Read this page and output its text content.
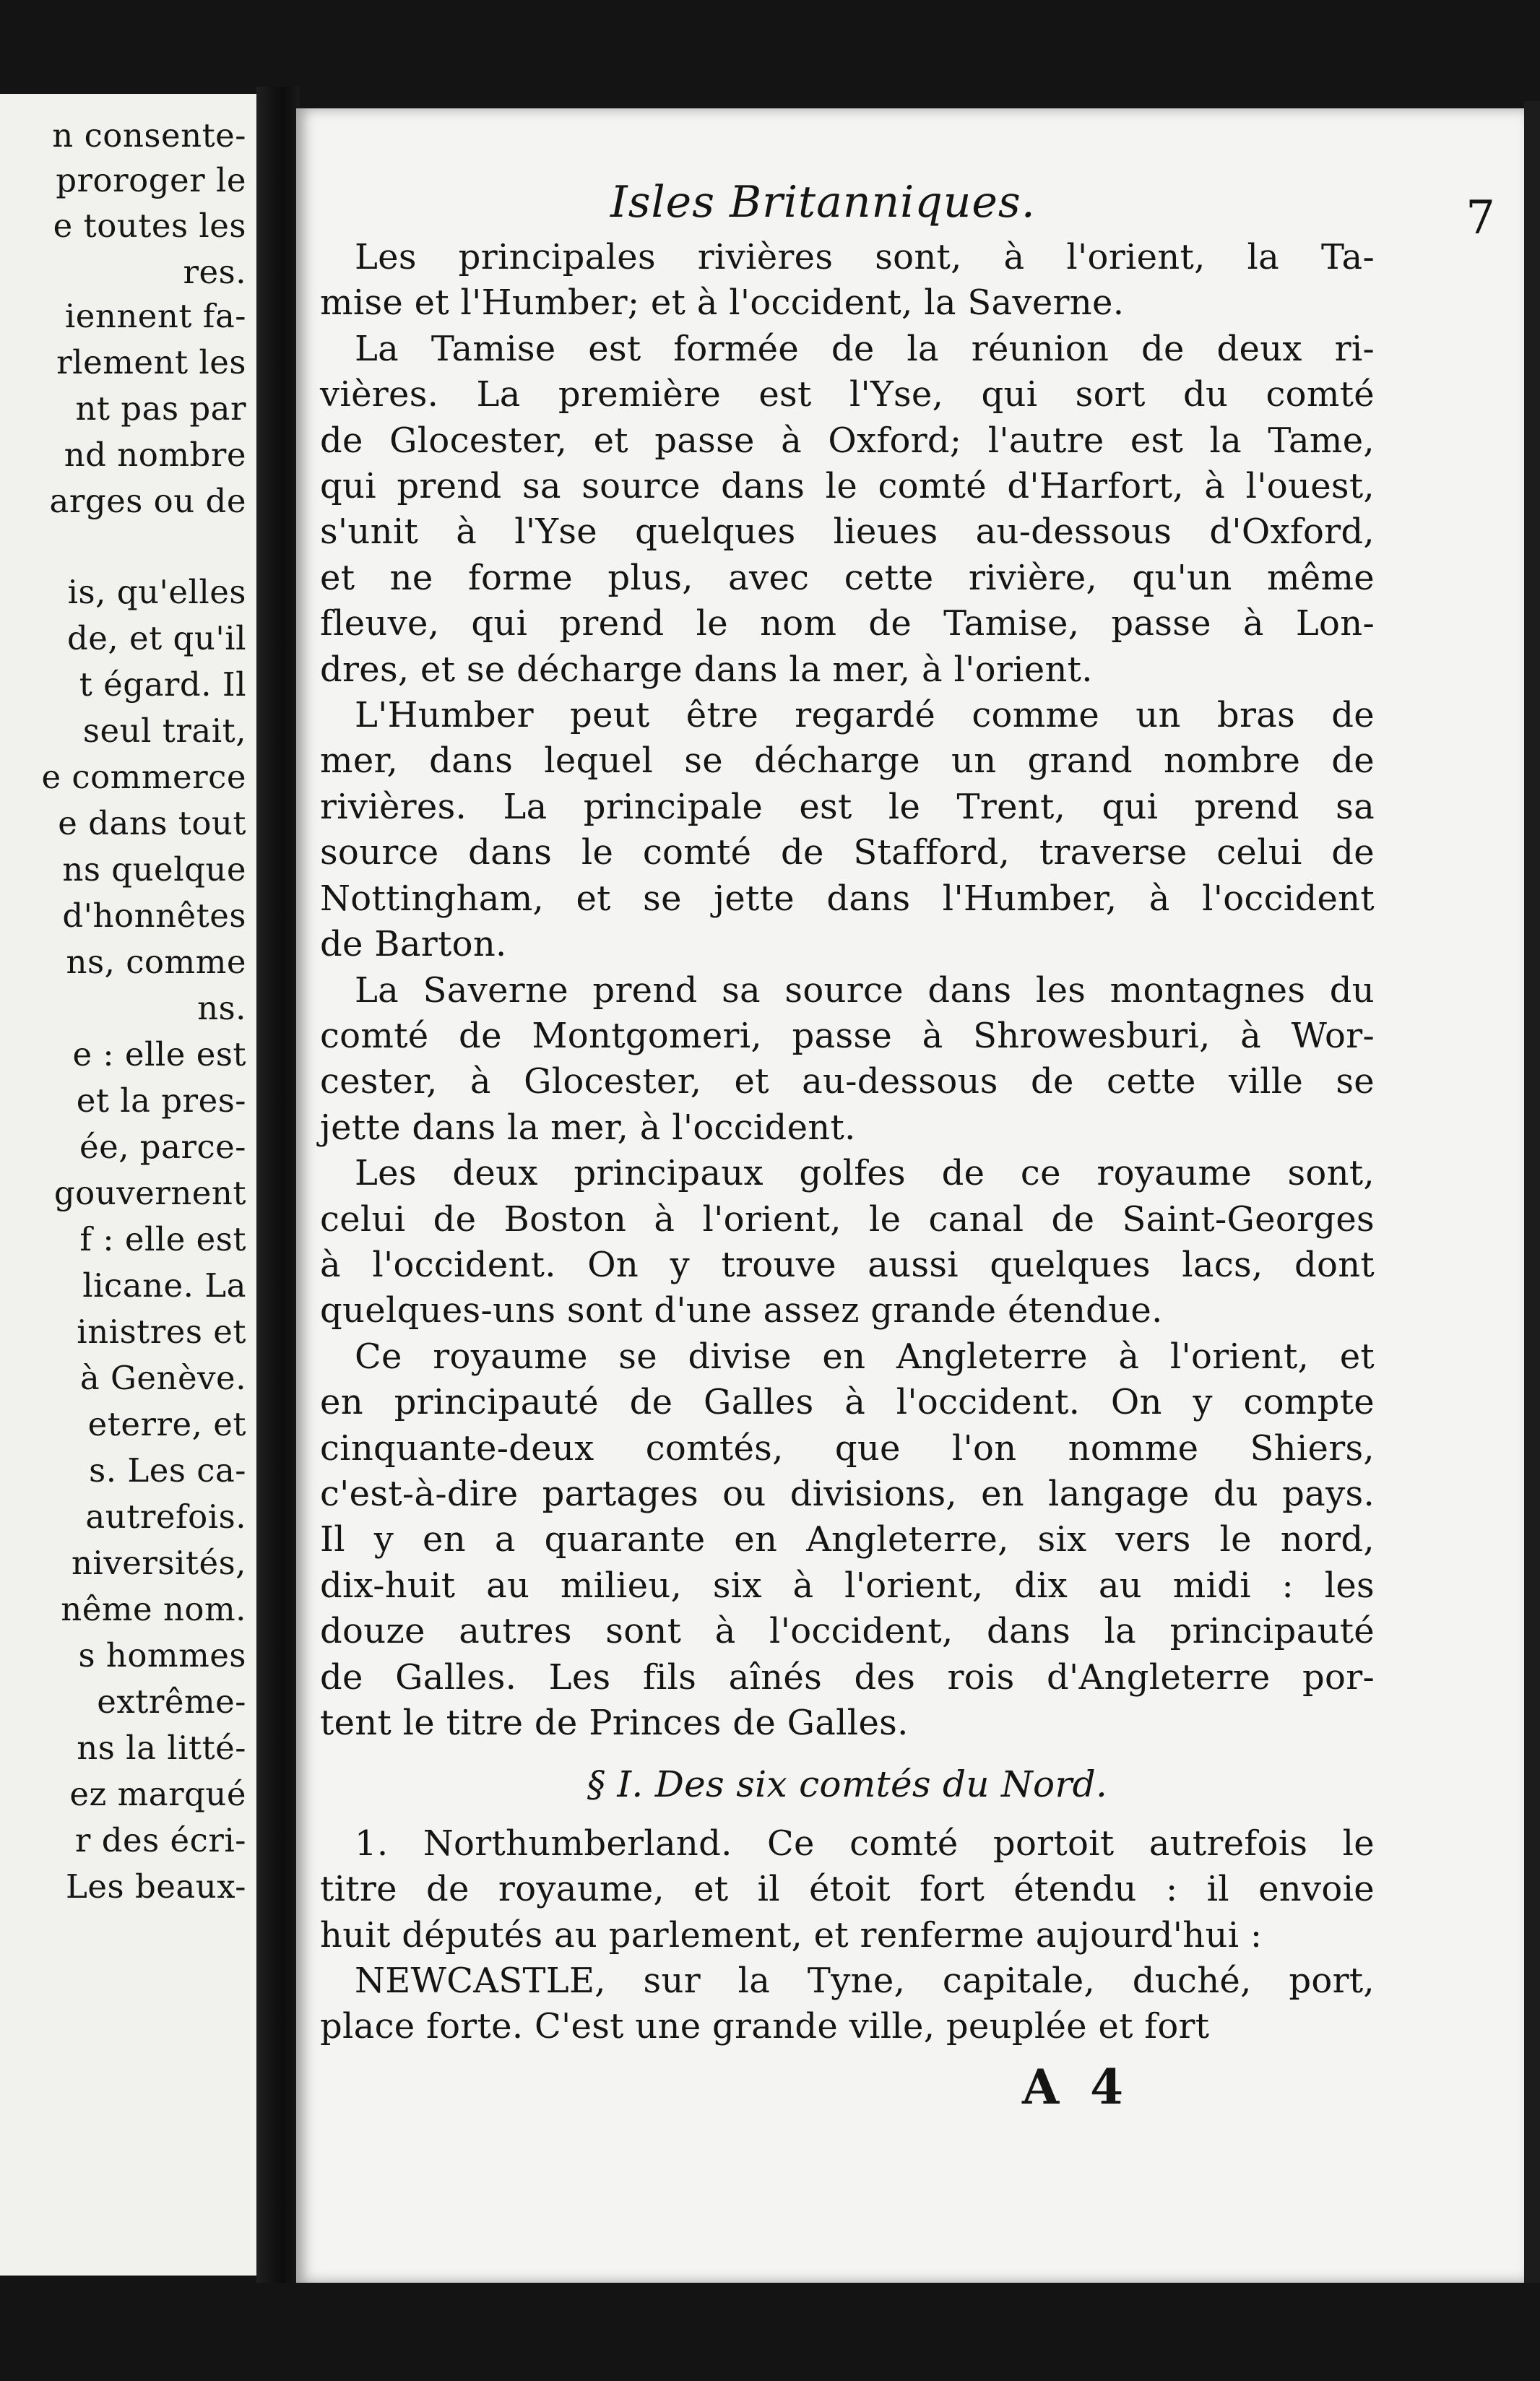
n consente-
proroger le
e toutes les
res.
iennent fa-
rlement les
nt pas par
nd nombre
arges ou de
is, qu'elles
de, et qu'il
t égard. Il
seul trait,
e commerce
e dans tout
ns quelque
d'honnêtes
ns, comme
ns.
e : elle est
et la pres-
ée, parce-
gouvernent
f : elle est
licane. La
inistres et
à Genève.
eterre, et
s. Les ca-
autrefois.
niversités,
nême nom.
s hommes
extrême-
ns la litté-
ez marqué
r des écri-
Les beaux-
Isles Britanniques.	7
Les principales rivières sont, à l'orient, la Ta-
mise et l'Humber; et à l'occident, la Saverne.
La Tamise est formée de la réunion de deux ri-
vières. La première est l'Yse, qui sort du comté
de Glocester, et passe à Oxford; l'autre est la Tame,
qui prend sa source dans le comté d'Harfort, à l'ouest,
s'unit à l'Yse quelques lieues au-dessous d'Oxford,
et ne forme plus, avec cette rivière, qu'un même
fleuve, qui prend le nom de Tamise, passe à Lon-
dres, et se décharge dans la mer, à l'orient.
L'Humber peut être regardé comme un bras de
mer, dans lequel se décharge un grand nombre de
rivières. La principale est le Trent, qui prend sa
source dans le comté de Stafford, traverse celui de
Nottingham, et se jette dans l'Humber, à l'occident
de Barton.
La Saverne prend sa source dans les montagnes du
comté de Montgomeri, passe à Shrowesburi, à Wor-
cester, à Glocester, et au-dessous de cette ville se
jette dans la mer, à l'occident.
Les deux principaux golfes de ce royaume sont,
celui de Boston à l'orient, le canal de Saint-Georges
à l'occident. On y trouve aussi quelques lacs, dont
quelques-uns sont d'une assez grande étendue.
Ce royaume se divise en Angleterre à l'orient, et
en principauté de Galles à l'occident. On y compte
cinquante-deux comtés, que l'on nomme Shiers,
c'est-à-dire partages ou divisions, en langage du pays.
Il y en a quarante en Angleterre, six vers le nord,
dix-huit au milieu, six à l'orient, dix au midi : les
douze autres sont à l'occident, dans la principauté
de Galles. Les fils aînés des rois d'Angleterre por-
tent le titre de Princes de Galles.
§ I. Des six comtés du Nord.
1. Northumberland. Ce comté portoit autrefois le
titre de royaume, et il étoit fort étendu : il envoie
huit députés au parlement, et renferme aujourd'hui :
NEWCASTLE, sur la Tyne, capitale, duché, port,
place forte. C'est une grande ville, peuplée et fort
A 4
